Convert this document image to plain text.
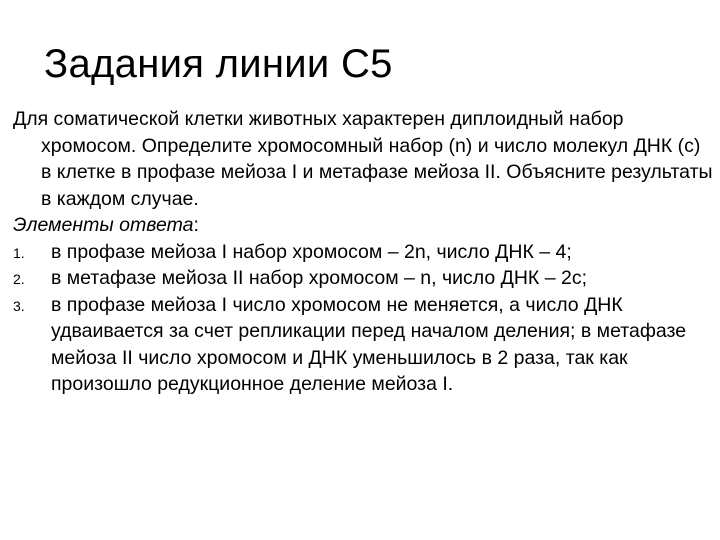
Задания линии С5

Для соматической клетки животных характерен диплоидный набор хромосом. Определите хромосомный набор (n) и число молекул ДНК (с) в клетке в профазе мейоза I и метафазе мейоза II. Объясните результаты в каждом случае.

Элементы ответа:

1. в профазе мейоза I набор хромосом – 2n, число ДНК – 4;
2. в метафазе мейоза II набор хромосом – n, число ДНК – 2c;
3. в профазе мейоза I число хромосом не меняется, а число ДНК удваивается за счет репликации перед началом деления; в метафазе мейоза II число хромосом и ДНК уменьшилось в 2 раза, так как произошло редукционное деление мейоза I.
